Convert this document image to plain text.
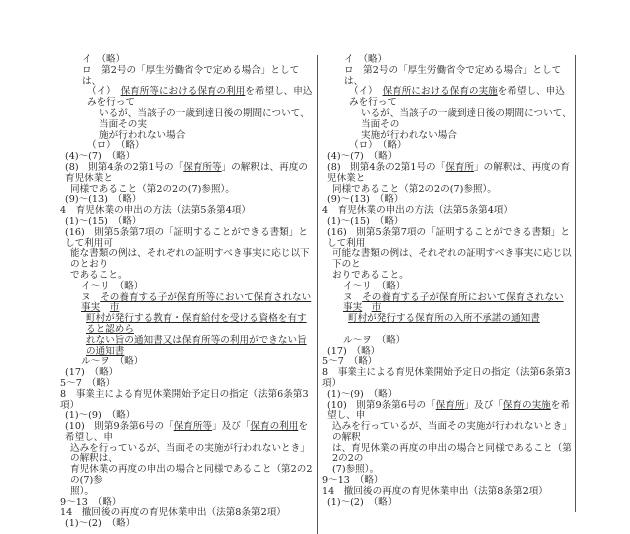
イ　（略）
ロ　第2号の「厚生労働省令で定める場合」としては、
（イ）　保育所等における保育の利用を希望し、申込みを行って
いるが、当該子の一歳到達日後の期間について、当面その実
施が行われない場合
（ロ）　（略）
(4)～(7)　（略）
(8)　則第4条の2第1号の「保育所等」の解釈は、再度の育児休業と
同様であること（第2の2の(7)参照）。
(9)～(13)　（略）
4　育児休業の申出の方法（法第5条第4項）
(1)～(15)　（略）
(16)　則第5条第7項の「証明することができる書類」として利用可
能な書類の例は、それぞれの証明すべき事実に応じ以下のとおり
であること。
イ～リ　（略）
ヌ　その養育する子が保育所等において保育されない事実　 市
町村が発行する教育・保育給付を受ける資格を有すると認めら
れない旨の通知書又は保育所等の利用ができない旨の通知書
ル～ヲ　（略）
(17)　（略）
5～7　（略）
8　事業主による育児休業開始予定日の指定（法第6条第3項）
(1)～(9)　（略）
(10)　則第9条第6号の「保育所等」及び「保育の利用を希望し、申
込みを行っているが、当面その実施が行われないとき」の解釈は、
育児休業の再度の申出の場合と同様であること（第2の2の(7)参
照）。
9～13　（略）
14　撤回後の再度の育児休業申出（法第8条第2項）
(1)～(2)　（略）
イ　（略）
ロ　第2号の「厚生労働省令で定める場合」としては、
（イ）　保育所における保育の実施を希望し、申込みを行って
いるが、当該子の一歳到達日後の期間について、当面その
実施が行われない場合
（ロ）　（略）
(4)～(7)　（略）
(8)　則第4条の2第1号の「保育所」の解釈は、再度の育児休業と
同様であること（第2の2の(7)参照）。
(9)～(13)　（略）
4　育児休業の申出の方法（法第5条第4項）
(1)～(15)　（略）
(16)　則第5条第7項の「証明することができる書類」として利用
可能な書類の例は、それぞれの証明すべき事実に応じ以下のと
おりであること。
イ～リ　（略）
ヌ　その養育する子が保育所において保育されない事実　 市
町村が発行する保育所の入所不承諾の通知書
ル～ヲ　（略）
(17)　（略）
5～7　（略）
8　事業主による育児休業開始予定日の指定（法第6条第3項）
(1)～(9)　（略）
(10)　則第9条第6号の「保育所」及び「保育の実施を希望し、申
込みを行っているが、当面その実施が行われないとき」の解釈
は、育児休業の再度の申出の場合と同様であること（第2の2の
(7)参照）。
9～13　（略）
14　撤回後の再度の育児休業申出（法第8条第2項）
(1)～(2)　（略）
